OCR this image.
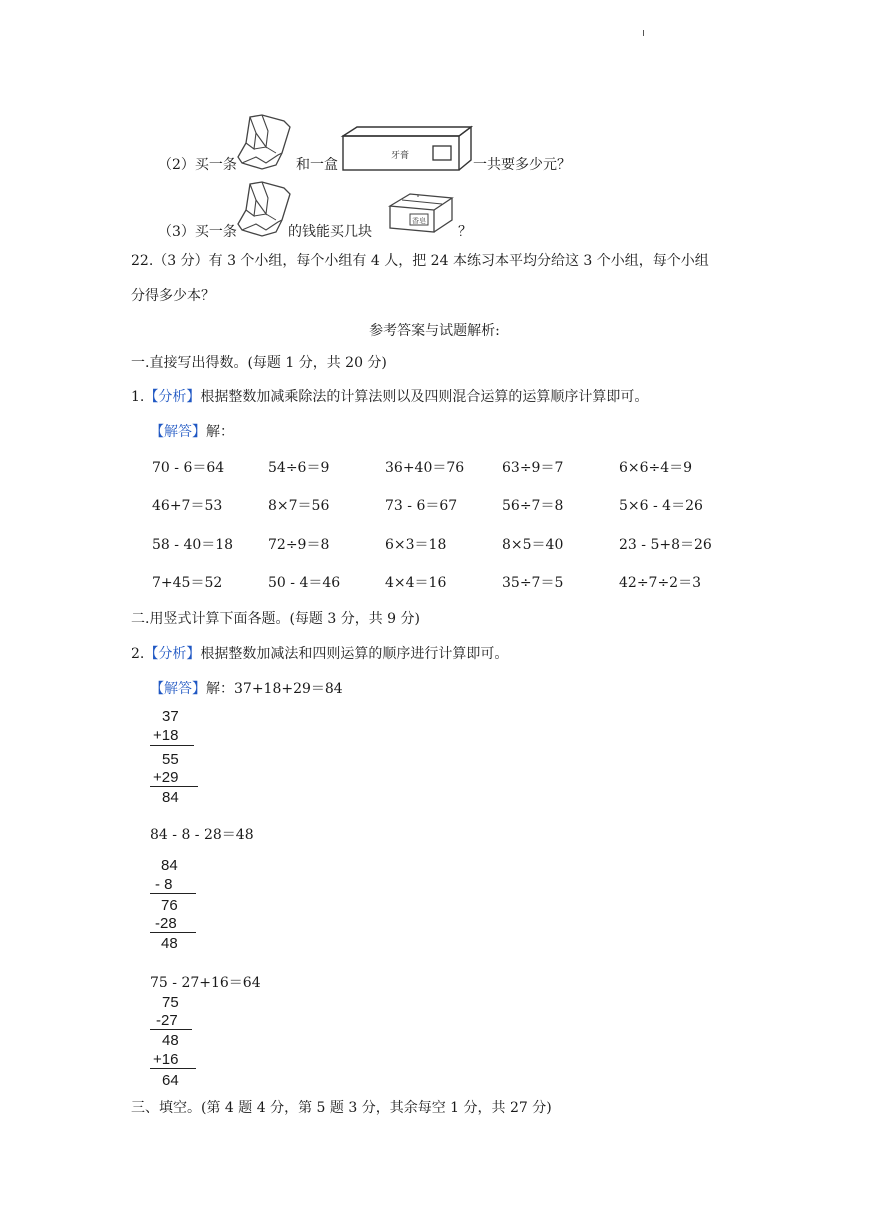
（2）买一条	和一盒
牙膏
一共要多少元？
（3）买一条	的钱能买几块
香皂
？
22.（3 分）有 3 个小组，每个小组有 4 人，把 24 本练习本平均分给这 3 个小组，每个小组
分得多少本？
参考答案与试题解析:
一.直接写出得数。(每题 1 分，共 20 分)
1.【分析】根据整数加减乘除法的计算法则以及四则混合运算的运算顺序计算即可。
【解答】解：
70 - 6＝64	54÷6＝9	36+40＝76	63÷9＝7	6×6÷4＝9
46+7＝53	8×7＝56	73 - 6＝67	56÷7＝8	5×6 - 4＝26
58 - 40＝18 72÷9＝8	6×3＝18	8×5＝40	23 - 5+8＝26
7+45＝52	50 - 4＝46	4×4＝16	35÷7＝5	42÷7÷2＝3
二.用竖式计算下面各题。(每题 3 分，共 9 分)
2.【分析】根据整数加减法和四则运算的顺序进行计算即可。
【解答】解：37+18+29＝84
37
+18
55
+29
84
84 - 8 - 28＝48
84
- 8
76
-28
48
75 - 27+16＝64
75
-27
48
+16
64
三、填空。(第 4 题 4 分，第 5 题 3 分，其余每空 1 分，共 27 分)
